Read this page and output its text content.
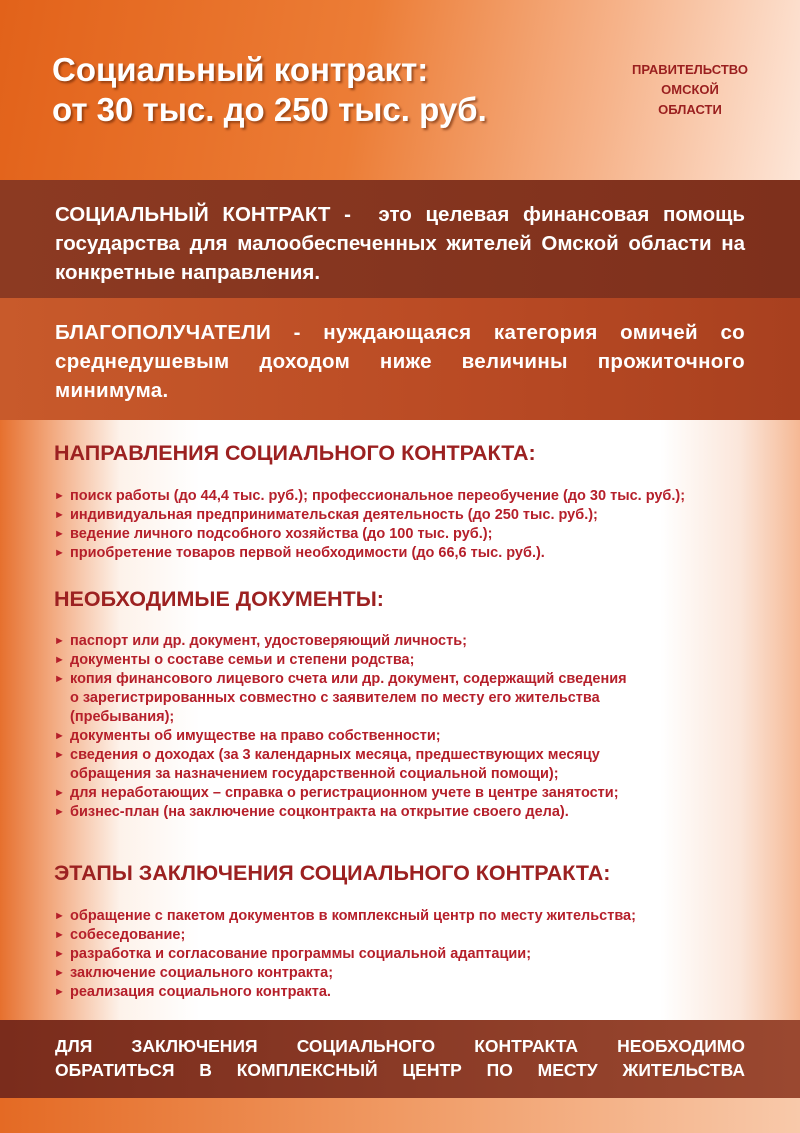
Социальный контракт:
от 30 тыс. до 250 тыс. руб.
ПРАВИТЕЛЬСТВО
ОМСКОЙ
ОБЛАСТИ

СОЦИАЛЬНЫЙ КОНТРАКТ - это целевая финансовая помощь государства для малообеспеченных жителей Омской области на конкретные направления.

БЛАГОПОЛУЧАТЕЛИ - нуждающаяся категория омичей со среднедушевым доходом ниже величины прожиточного минимума.

НАПРАВЛЕНИЯ СОЦИАЛЬНОГО КОНТРАКТА:
► поиск работы (до 44,4 тыс. руб.); профессиональное переобучение (до 30 тыс. руб.);
► индивидуальная предпринимательская деятельность (до 250 тыс. руб.);
► ведение личного подсобного хозяйства (до 100 тыс. руб.);
► приобретение товаров первой необходимости (до 66,6 тыс. руб.).
НЕОБХОДИМЫЕ ДОКУМЕНТЫ:
► паспорт или др. документ, удостоверяющий личность;
► документы о составе семьи и степени родства;
► копия финансового лицевого счета или др. документ, содержащий сведения
о зарегистрированных совместно с заявителем по месту его жительства
(пребывания);
► документы об имуществе на право собственности;
► сведения о доходах (за 3 календарных месяца, предшествующих месяцу
обращения за назначением государственной социальной помощи);
► для неработающих – справка о регистрационном учете в центре занятости;
► бизнес-план (на заключение соцконтракта на открытие своего дела).
ЭТАПЫ ЗАКЛЮЧЕНИЯ СОЦИАЛЬНОГО КОНТРАКТА:
► обращение с пакетом документов в комплексный центр по месту жительства;
► собеседование;
► разработка и согласование программы социальной адаптации;
► заключение социального контракта;
► реализация социального контракта.

ДЛЯ ЗАКЛЮЧЕНИЯ СОЦИАЛЬНОГО КОНТРАКТА НЕОБХОДИМО
ОБРАТИТЬСЯ В КОМПЛЕКСНЫЙ ЦЕНТР ПО МЕСТУ ЖИТЕЛЬСТВА
